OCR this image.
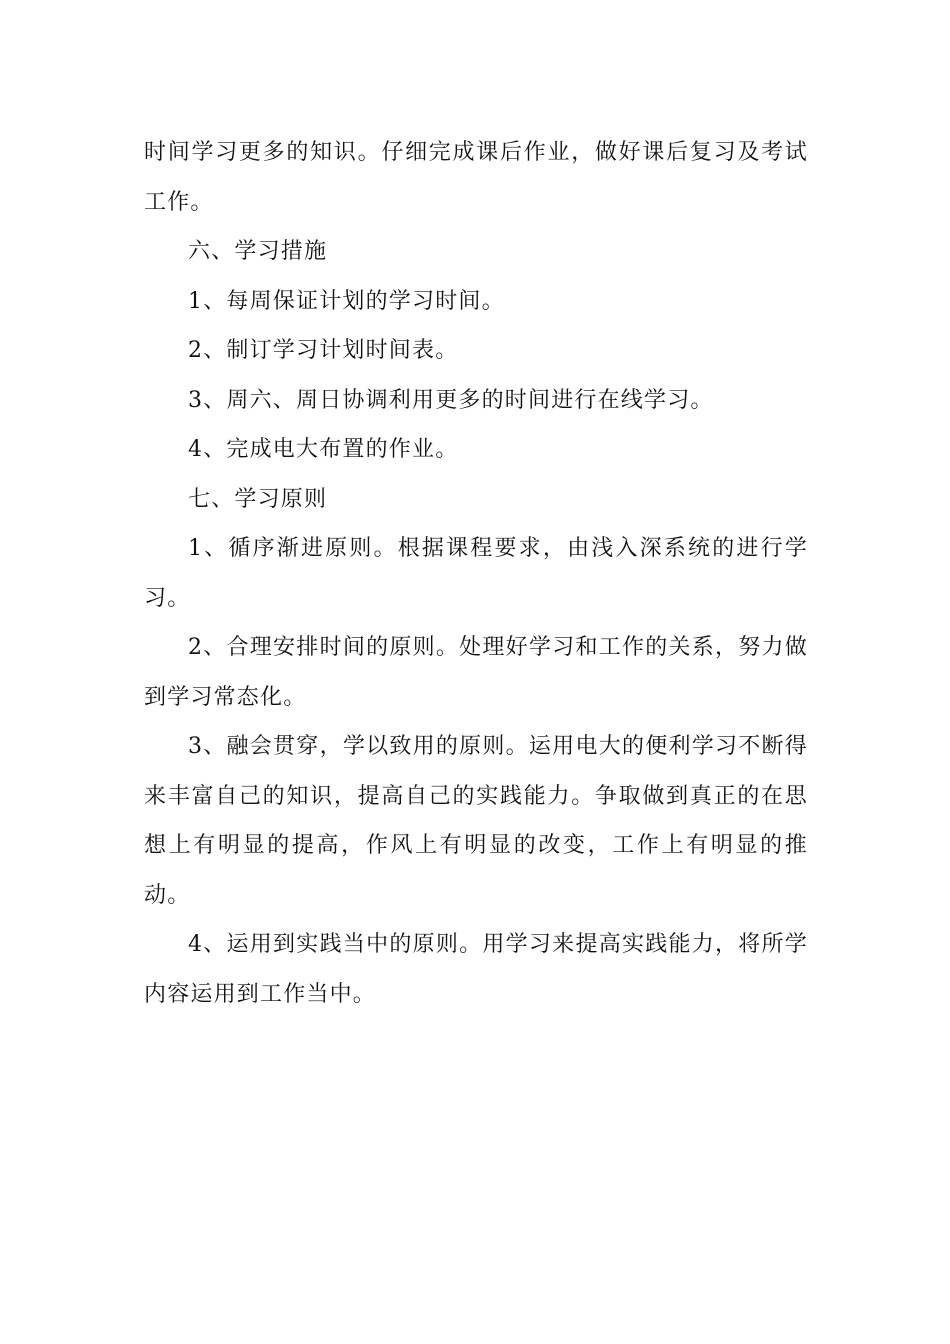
时间学习更多的知识。仔细完成课后作业，做好课后复习及考试工作。

六、学习措施

1、每周保证计划的学习时间。

2、制订学习计划时间表。

3、周六、周日协调利用更多的时间进行在线学习。

4、完成电大布置的作业。

七、学习原则

1、循序渐进原则。根据课程要求，由浅入深系统的进行学习。

2、合理安排时间的原则。处理好学习和工作的关系，努力做到学习常态化。

3、融会贯穿，学以致用的原则。运用电大的便利学习不断得来丰富自己的知识，提高自己的实践能力。争取做到真正的在思想上有明显的提高，作风上有明显的改变，工作上有明显的推动。

4、运用到实践当中的原则。用学习来提高实践能力，将所学内容运用到工作当中。
